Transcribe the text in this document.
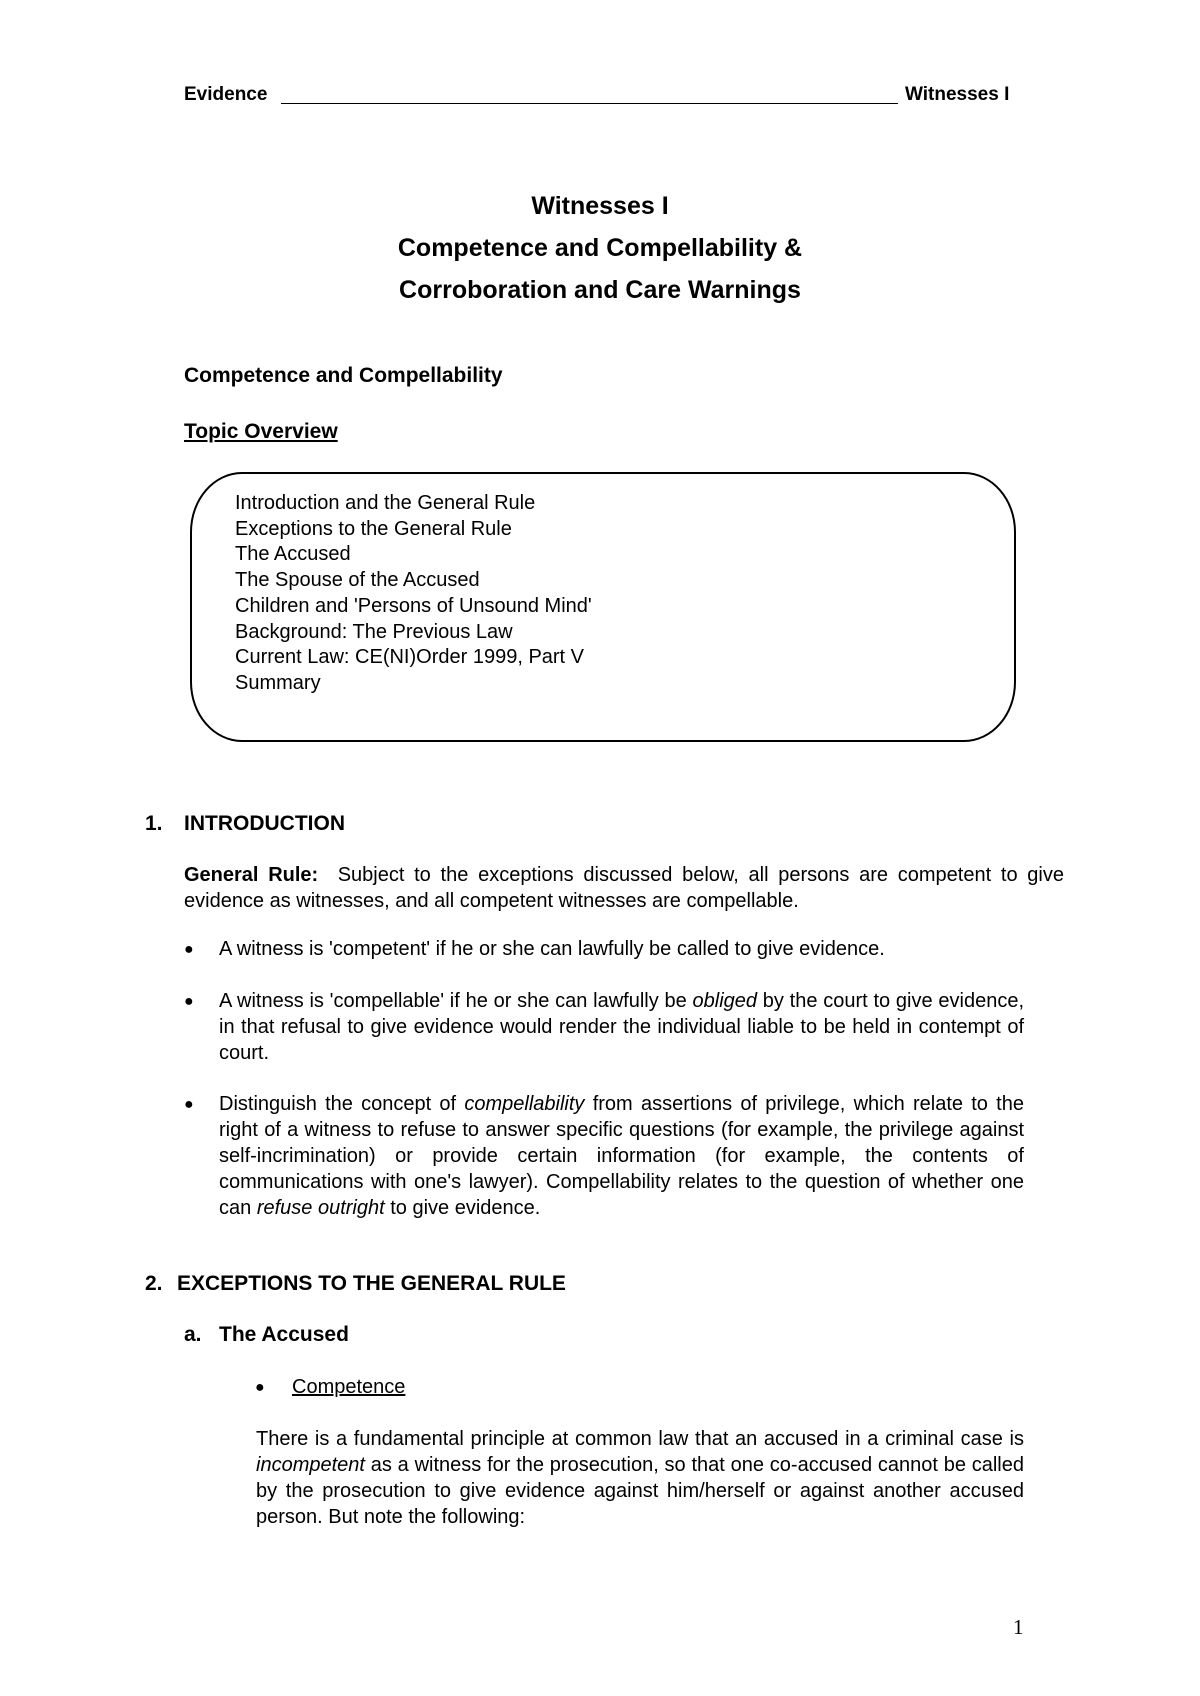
Evidence	Witnesses I
Witnesses I
Competence and Compellability &
Corroboration and Care Warnings
Competence and Compellability
Topic Overview
Introduction and the General Rule
Exceptions to the General Rule
The Accused
The Spouse of the Accused
Children and 'Persons of Unsound Mind'
Background: The Previous Law
Current Law: CE(NI)Order 1999, Part V
Summary
1. INTRODUCTION
General Rule: Subject to the exceptions discussed below, all persons are competent to give evidence as witnesses, and all competent witnesses are compellable.
● A witness is 'competent' if he or she can lawfully be called to give evidence.
● A witness is 'compellable' if he or she can lawfully be obliged by the court to give evidence, in that refusal to give evidence would render the individual liable to be held in contempt of court.
● Distinguish the concept of compellability from assertions of privilege, which relate to the right of a witness to refuse to answer specific questions (for example, the privilege against self-incrimination) or provide certain information (for example, the contents of communications with one's lawyer). Compellability relates to the question of whether one can refuse outright to give evidence.
2. EXCEPTIONS TO THE GENERAL RULE
a. The Accused
● Competence
There is a fundamental principle at common law that an accused in a criminal case is incompetent as a witness for the prosecution, so that one co-accused cannot be called by the prosecution to give evidence against him/herself or against another accused person. But note the following:
1
